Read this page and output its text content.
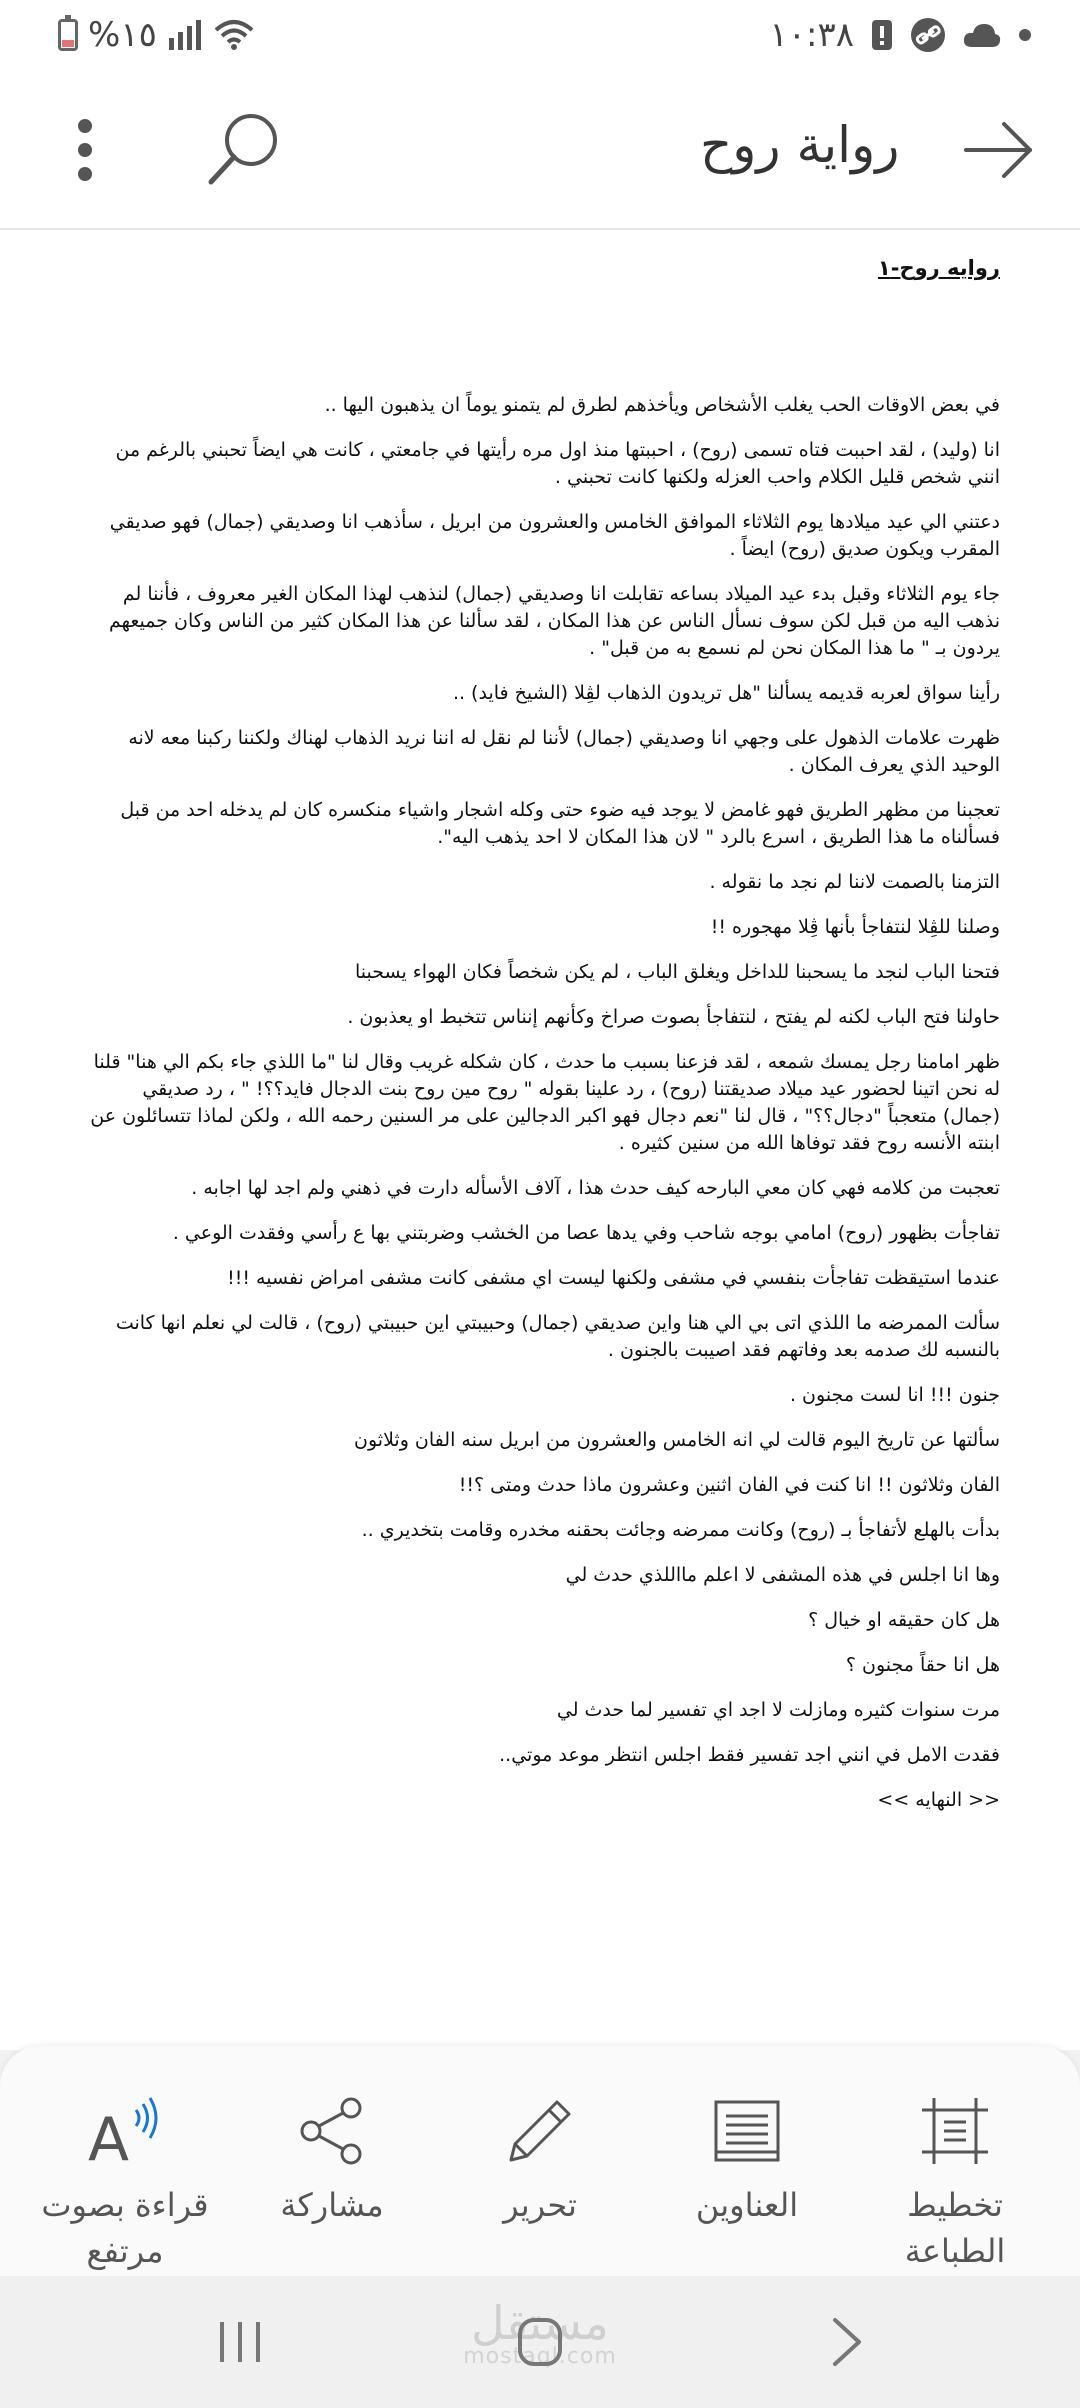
%١٥	١٠:٣٨
رواية روح
روايه روح-١

في بعض الاوقات الحب يغلب الأشخاص ويأخذهم لطرق لم يتمنو يوماً ان يذهبون اليها ..

انا (وليد) ، لقد احببت فتاه تسمى (روح) ، احببتها منذ اول مره رأيتها في جامعتي ، كانت هي ايضاً تحبني بالرغم من انني شخص قليل الكلام واحب العزله ولكنها كانت تحبني .

دعتني الي عيد ميلادها يوم الثلاثاء الموافق الخامس والعشرون من ابريل ، سأذهب انا وصديقي (جمال) فهو صديقي المقرب ويكون صديق (روح) ايضاً .

جاء يوم الثلاثاء وقبل بدء عيد الميلاد بساعه تقابلت انا وصديقي (جمال) لنذهب لهذا المكان الغير معروف ، فأننا لم نذهب اليه من قبل لكن سوف نسأل الناس عن هذا المكان ، لقد سألنا عن هذا المكان كثير من الناس وكان جميعهم يردون بـ " ما هذا المكان نحن لم نسمع به من قبل" .

رأينا سواق لعربه قديمه يسألنا "هل تريدون الذهاب لڤِلا (الشيخ فايد) ..

ظهرت علامات الذهول على وجهي انا وصديقي (جمال) لأننا لم نقل له اننا نريد الذهاب لهناك ولكننا ركبنا معه لانه الوحيد الذي يعرف المكان .

تعجبنا من مظهر الطريق فهو غامض لا يوجد فيه ضوء حتى وكله اشجار واشياء منكسره كان لم يدخله احد من قبل فسألناه ما هذا الطريق ، اسرع بالرد " لان هذا المكان لا احد يذهب اليه".

التزمنا بالصمت لاننا لم نجد ما نقوله .

وصلنا للڤِلا لنتفاجأ بأنها ڤِلا مهجوره !!

فتحنا الباب لنجد ما يسحبنا للداخل ويغلق الباب ، لم يكن شخصاً فكان الهواء يسحبنا

حاولنا فتح الباب لكنه لم يفتح ، لنتفاجأ بصوت صراخ وكأنهم إنناس تتخبط او يعذبون .

ظهر امامنا رجل يمسك شمعه ، لقد فزعنا بسبب ما حدث ، كان شكله غريب وقال لنا "ما اللذي جاء بكم الي هنا" قلنا له نحن اتينا لحضور عيد ميلاد صديقتنا (روح) ، رد علينا بقوله " روح مين روح بنت الدجال فايد؟؟! " ، رد صديقي (جمال) متعجباً "دجال؟؟" ، قال لنا "نعم دجال فهو اكبر الدجالين على مر السنين رحمه الله ، ولكن لماذا تتسائلون عن ابنته الأنسه روح فقد توفاها الله من سنين كثيره .

تعجبت من كلامه فهي كان معي البارحه كيف حدث هذا ، آلاف الأسأله دارت في ذهني ولم اجد لها اجابه .

تفاجأت بظهور (روح) امامي بوجه شاحب وفي يدها عصا من الخشب وضربتني بها ع رأسي وفقدت الوعي .

عندما استيقظت تفاجأت بنفسي في مشفى ولكنها ليست اي مشفى كانت مشفى امراض نفسيه !!!

سألت الممرضه ما اللذي اتى بي الي هنا واين صديقي (جمال) وحبيبتي اين حبيبتي (روح) ، قالت لي نعلم انها كانت بالنسبه لك صدمه بعد وفاتهم فقد اصيبت بالجنون .

جنون !!! انا لست مجنون .

سألتها عن تاريخ اليوم قالت لي انه الخامس والعشرون من ابريل سنه الفان وثلاثون

الفان وثلاثون !! انا كنت في الفان اثنين وعشرون ماذا حدث ومتى ؟!!

بدأت بالهلع لأتفاجأ بـ (روح) وكانت ممرضه وجائت بحقنه مخدره وقامت بتخديري ..

وها انا اجلس في هذه المشفى لا اعلم مااللذي حدث لي

هل كان حقيقه او خيال ؟

هل انا حقاً مجنون ؟

مرت سنوات كثيره ومازلت لا اجد اي تفسير لما حدث لي

فقدت الامل في انني اجد تفسير فقط اجلس انتظر موعد موتي..

<< النهايه >>

تخطيط الطباعة
العناوين
تحرير
مشاركة
A
قراءة بصوت مرتفع
مستقل
mostaql.com
